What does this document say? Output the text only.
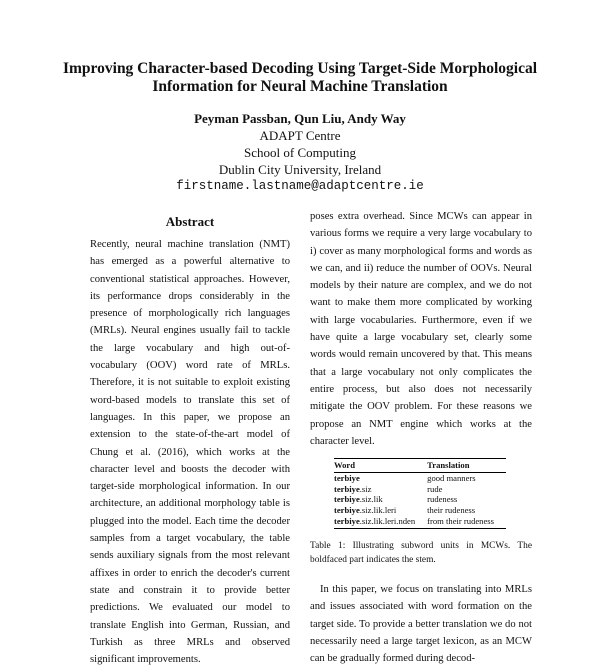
Improving Character-based Decoding Using Target-Side Morphological
Information for Neural Machine Translation
Peyman Passban, Qun Liu, Andy Way
ADAPT Centre
School of Computing
Dublin City University, Ireland
firstname.lastname@adaptcentre.ie
Abstract
Recently, neural machine translation (NMT) has emerged as a powerful alternative to conventional statistical approaches. However, its performance drops considerably in the presence of morphologically rich languages (MRLs). Neural engines usually fail to tackle the large vocabulary and high out-of-vocabulary (OOV) word rate of MRLs. Therefore, it is not suitable to exploit existing word-based models to translate this set of languages. In this paper, we propose an extension to the state-of-the-art model of Chung et al. (2016), which works at the character level and boosts the decoder with target-side morphological information. In our architecture, an additional morphology table is plugged into the model. Each time the decoder samples from a target vocabulary, the table sends auxiliary signals from the most relevant affixes in order to enrich the decoder's current state and constrain it to provide better predictions. We evaluated our model to translate English into German, Russian, and Turkish as three MRLs and observed significant improvements.
poses extra overhead. Since MCWs can appear in various forms we require a very large vocabulary to i) cover as many morphological forms and words as we can, and ii) reduce the number of OOVs. Neural models by their nature are complex, and we do not want to make them more complicated by working with large vocabularies. Furthermore, even if we have quite a large vocabulary set, clearly some words would remain uncovered by that. This means that a large vocabulary not only complicates the entire process, but also does not necessarily mitigate the OOV problem. For these reasons we propose an NMT engine which works at the character level.
Word	Translation
terbiye	good manners
terbiye.siz	rude
terbiye.siz.lik	rudeness
terbiye.siz.lik.leri	their rudeness
terbiye.siz.lik.leri.nden	from their rudeness
Table 1: Illustrating subword units in MCWs. The boldfaced part indicates the stem.
In this paper, we focus on translating into MRLs and issues associated with word formation on the target side. To provide a better translation we do not necessarily need a large target lexicon, as an MCW can be gradually formed during decod-
